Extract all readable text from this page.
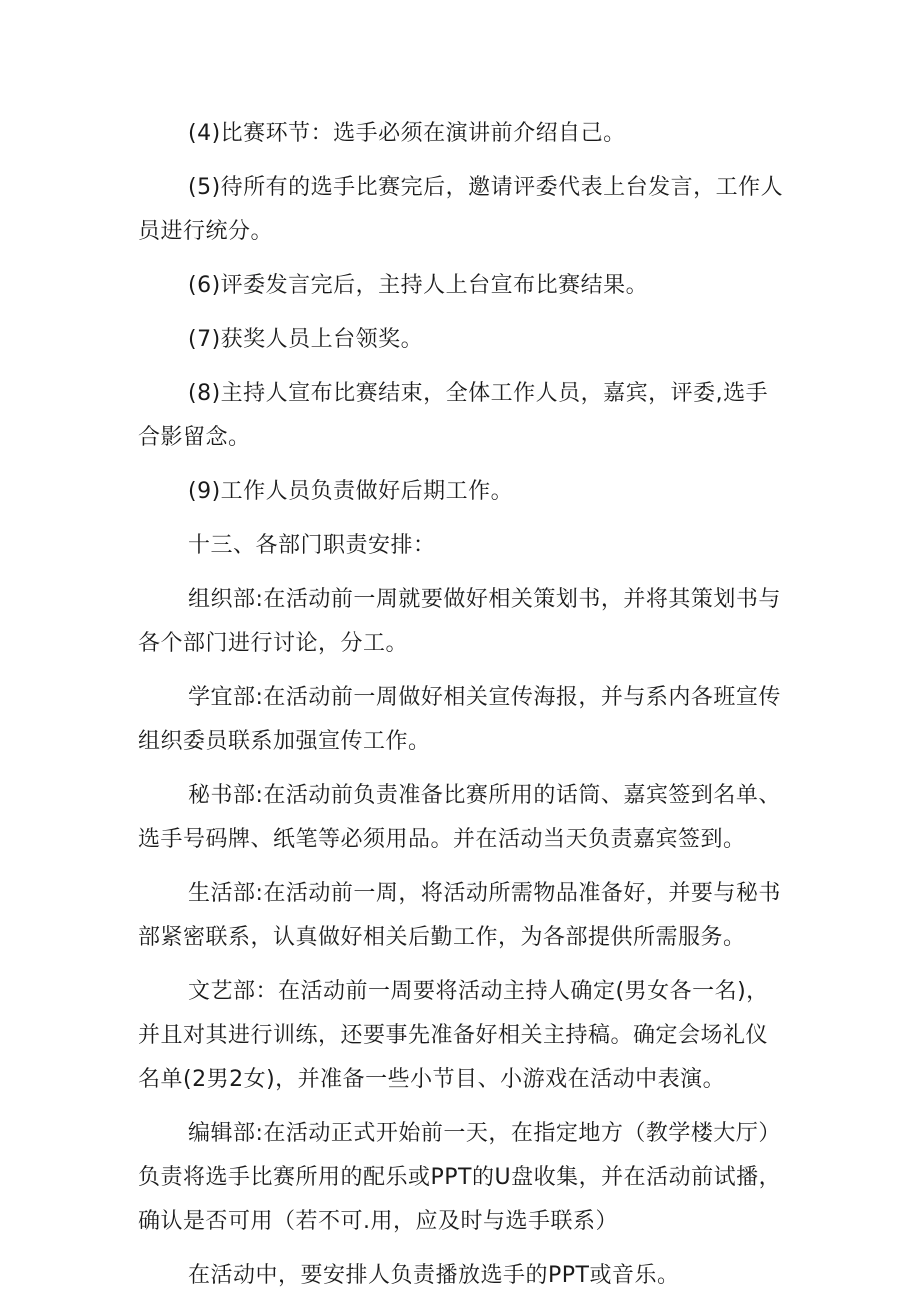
(4)比赛环节：选手必须在演讲前介绍自己。

(5)待所有的选手比赛完后，邀请评委代表上台发言，工作人员进行统分。

(6)评委发言完后，主持人上台宣布比赛结果。

(7)获奖人员上台领奖。

(8)主持人宣布比赛结束，全体工作人员，嘉宾，评委,选手合影留念。

(9)工作人员负责做好后期工作。

十三、各部门职责安排：

组织部:在活动前一周就要做好相关策划书，并将其策划书与各个部门进行讨论，分工。

学宜部:在活动前一周做好相关宣传海报，并与系内各班宣传组织委员联系加强宣传工作。

秘书部:在活动前负责准备比赛所用的话筒、嘉宾签到名单、选手号码牌、纸笔等必须用品。并在活动当天负责嘉宾签到。

生活部:在活动前一周，将活动所需物品准备好，并要与秘书部紧密联系，认真做好相关后勤工作，为各部提供所需服务。

文艺部：在活动前一周要将活动主持人确定(男女各一名)，并且对其进行训练，还要事先准备好相关主持稿。确定会场礼仪名单(2男2女)，并准备一些小节目、小游戏在活动中表演。

编辑部:在活动正式开始前一天，在指定地方（教学楼大厅）负责将选手比赛所用的配乐或PPT的U盘收集，并在活动前试播，确认是否可用（若不可.用，应及时与选手联系）

在活动中，要安排人负责播放选手的PPT或音乐。
